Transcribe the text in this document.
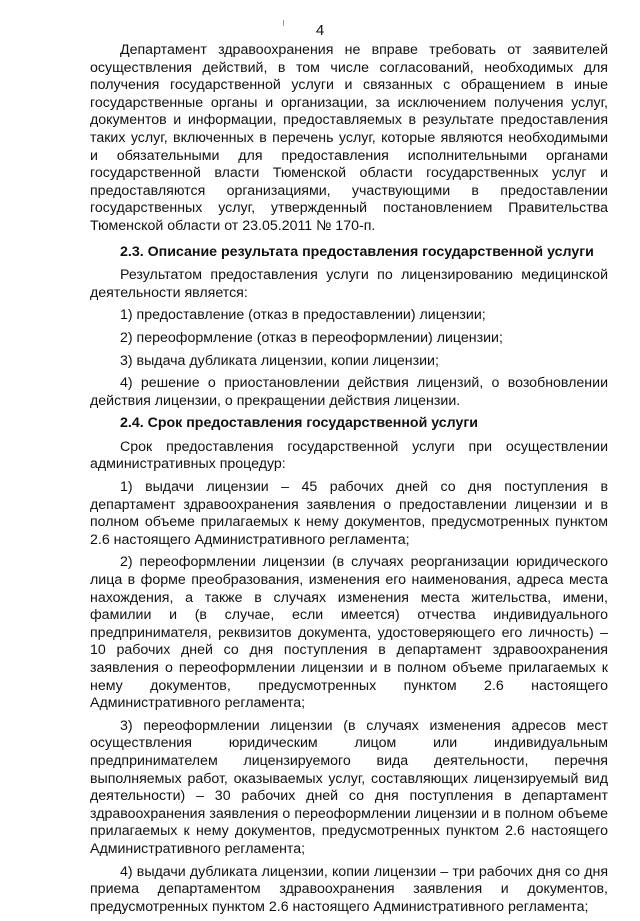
4

Департамент здравоохранения не вправе требовать от заявителей осуществления действий, в том числе согласований, необходимых для получения государственной услуги и связанных с обращением в иные государственные органы и организации, за исключением получения услуг, документов и информации, предоставляемых в результате предоставления таких услуг, включенных в перечень услуг, которые являются необходимыми и обязательными для предоставления исполнительными органами государственной власти Тюменской области государственных услуг и предоставляются организациями, участвующими в предоставлении государственных услуг, утвержденный постановлением Правительства Тюменской области от 23.05.2011 № 170-п.

2.3. Описание результата предоставления государственной услуги

Результатом предоставления услуги по лицензированию медицинской деятельности является:

1) предоставление (отказ в предоставлении) лицензии;

2) переоформление (отказ в переоформлении) лицензии;

3) выдача дубликата лицензии, копии лицензии;

4) решение о приостановлении действия лицензий, о возобновлении действия лицензии, о прекращении действия лицензии.

2.4. Срок предоставления государственной услуги

Срок предоставления государственной услуги при осуществлении административных процедур:

1) выдачи лицензии – 45 рабочих дней со дня поступления в департамент здравоохранения заявления о предоставлении лицензии и в полном объеме прилагаемых к нему документов, предусмотренных пунктом 2.6 настоящего Административного регламента;

2) переоформлении лицензии (в случаях реорганизации юридического лица в форме преобразования, изменения его наименования, адреса места нахождения, а также в случаях изменения места жительства, имени, фамилии и (в случае, если имеется) отчества индивидуального предпринимателя, реквизитов документа, удостоверяющего его личность) – 10 рабочих дней со дня поступления в департамент здравоохранения заявления о переоформлении лицензии и в полном объеме прилагаемых к нему документов, предусмотренных пунктом 2.6 настоящего Административного регламента;

3) переоформлении лицензии (в случаях изменения адресов мест осуществления юридическим лицом или индивидуальным предпринимателем лицензируемого вида деятельности, перечня выполняемых работ, оказываемых услуг, составляющих лицензируемый вид деятельности) – 30 рабочих дней со дня поступления в департамент здравоохранения заявления о переоформлении лицензии и в полном объеме прилагаемых к нему документов, предусмотренных пунктом 2.6 настоящего Административного регламента;

4) выдачи дубликата лицензии, копии лицензии – три рабочих дня со дня приема департаментом здравоохранения заявления и документов, предусмотренных пунктом 2.6 настоящего Административного регламента;
